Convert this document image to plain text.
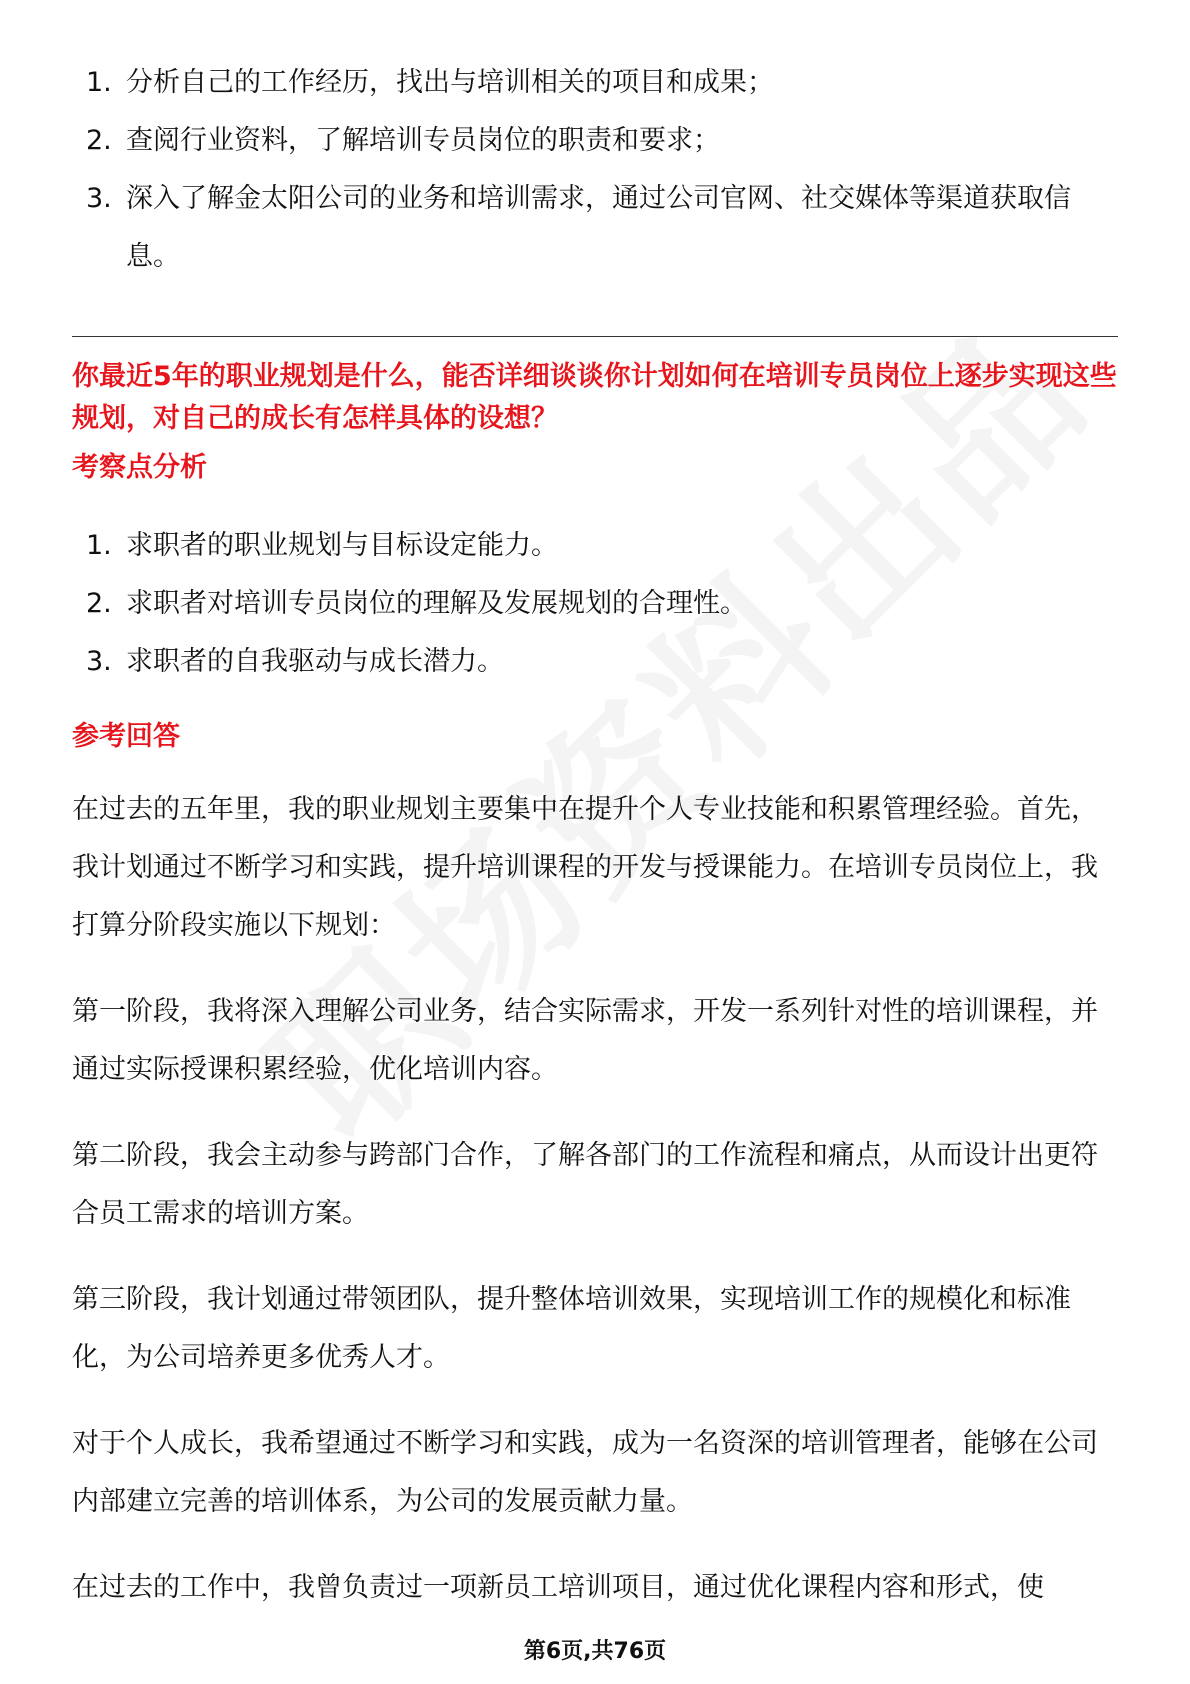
1. 分析自己的工作经历，找出与培训相关的项目和成果；
2. 查阅行业资料，了解培训专员岗位的职责和要求；
3. 深入了解金太阳公司的业务和培训需求，通过公司官网、社交媒体等渠道获取信息。
你最近5年的职业规划是什么，能否详细谈谈你计划如何在培训专员岗位上逐步实现这些规划，对自己的成长有怎样具体的设想？
考察点分析
1. 求职者的职业规划与目标设定能力。
2. 求职者对培训专员岗位的理解及发展规划的合理性。
3. 求职者的自我驱动与成长潜力。
参考回答

在过去的五年里，我的职业规划主要集中在提升个人专业技能和积累管理经验。首先，我计划通过不断学习和实践，提升培训课程的开发与授课能力。在培训专员岗位上，我打算分阶段实施以下规划：

第一阶段，我将深入理解公司业务，结合实际需求，开发一系列针对性的培训课程，并通过实际授课积累经验，优化培训内容。

第二阶段，我会主动参与跨部门合作，了解各部门的工作流程和痛点，从而设计出更符合员工需求的培训方案。

第三阶段，我计划通过带领团队，提升整体培训效果，实现培训工作的规模化和标准化，为公司培养更多优秀人才。

对于个人成长，我希望通过不断学习和实践，成为一名资深的培训管理者，能够在公司内部建立完善的培训体系，为公司的发展贡献力量。

在过去的工作中，我曾负责过一项新员工培训项目，通过优化课程内容和形式，使

第6页,共76页
